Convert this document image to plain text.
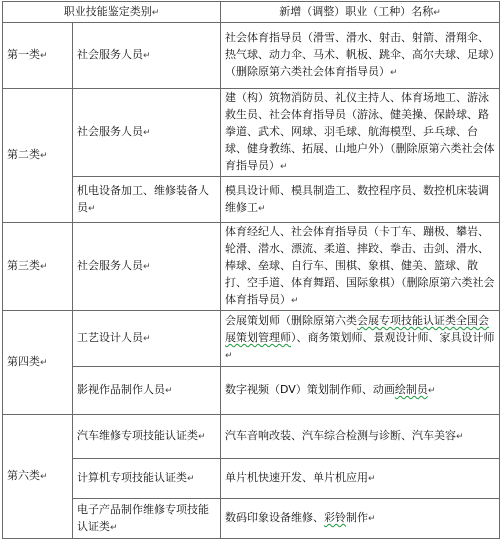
职业技能鉴定类别↵		新增（调整）职业（工种）名称↵
第一类↵	社会服务人员↵	社会体育指导员（滑雪、滑水、射击、射箭、滑翔伞、热气球、动力伞、马术、帆板、跳伞、高尔夫球、足球）（删除原第六类社会体育指导员）↵
第二类↵	社会服务人员↵	建（构）筑物消防员、礼仪主持人、体育场地工、游泳救生员、社会体育指导员（游泳、健美操、保龄球、路拳道、武术、网球、羽毛球、航海模型、乒乓球、台球、健身教练、拓展、山地户外）（删除原第六类社会体育指导员）↵
	机电设备加工、维修装备人员↵	模具设计师、模具制造工、数控程序员、数控机床装调维修工↵
第三类↵	社会服务人员↵	体育经纪人、社会体育指导员（卡丁车、蹦极、攀岩、轮滑、潜水、漂流、柔道、摔跤、拳击、击剑、滑水、棒球、垒球、自行车、围棋、象棋、健美、篮球、散打、空手道、体育舞蹈、国际象棋）（删除原第六类社会体育指导员）↵
第四类↵	工艺设计人员↵	会展策划师（删除原第六类会展专项技能认证类全国会展策划管理师）、商务策划师、景观设计师、家具设计师↵
	影视作品制作人员↵	数字视频（DV）策划制作师、动画绘制员↵
第六类↵	汽车维修专项技能认证类↵	汽车音响改装、汽车综合检测与诊断、汽车美容↵
	计算机专项技能认证类↵	单片机快速开发、单片机应用↵
	电子产品制作维修专项技能认证类↵	数码印象设备维修、彩铃制作↵
